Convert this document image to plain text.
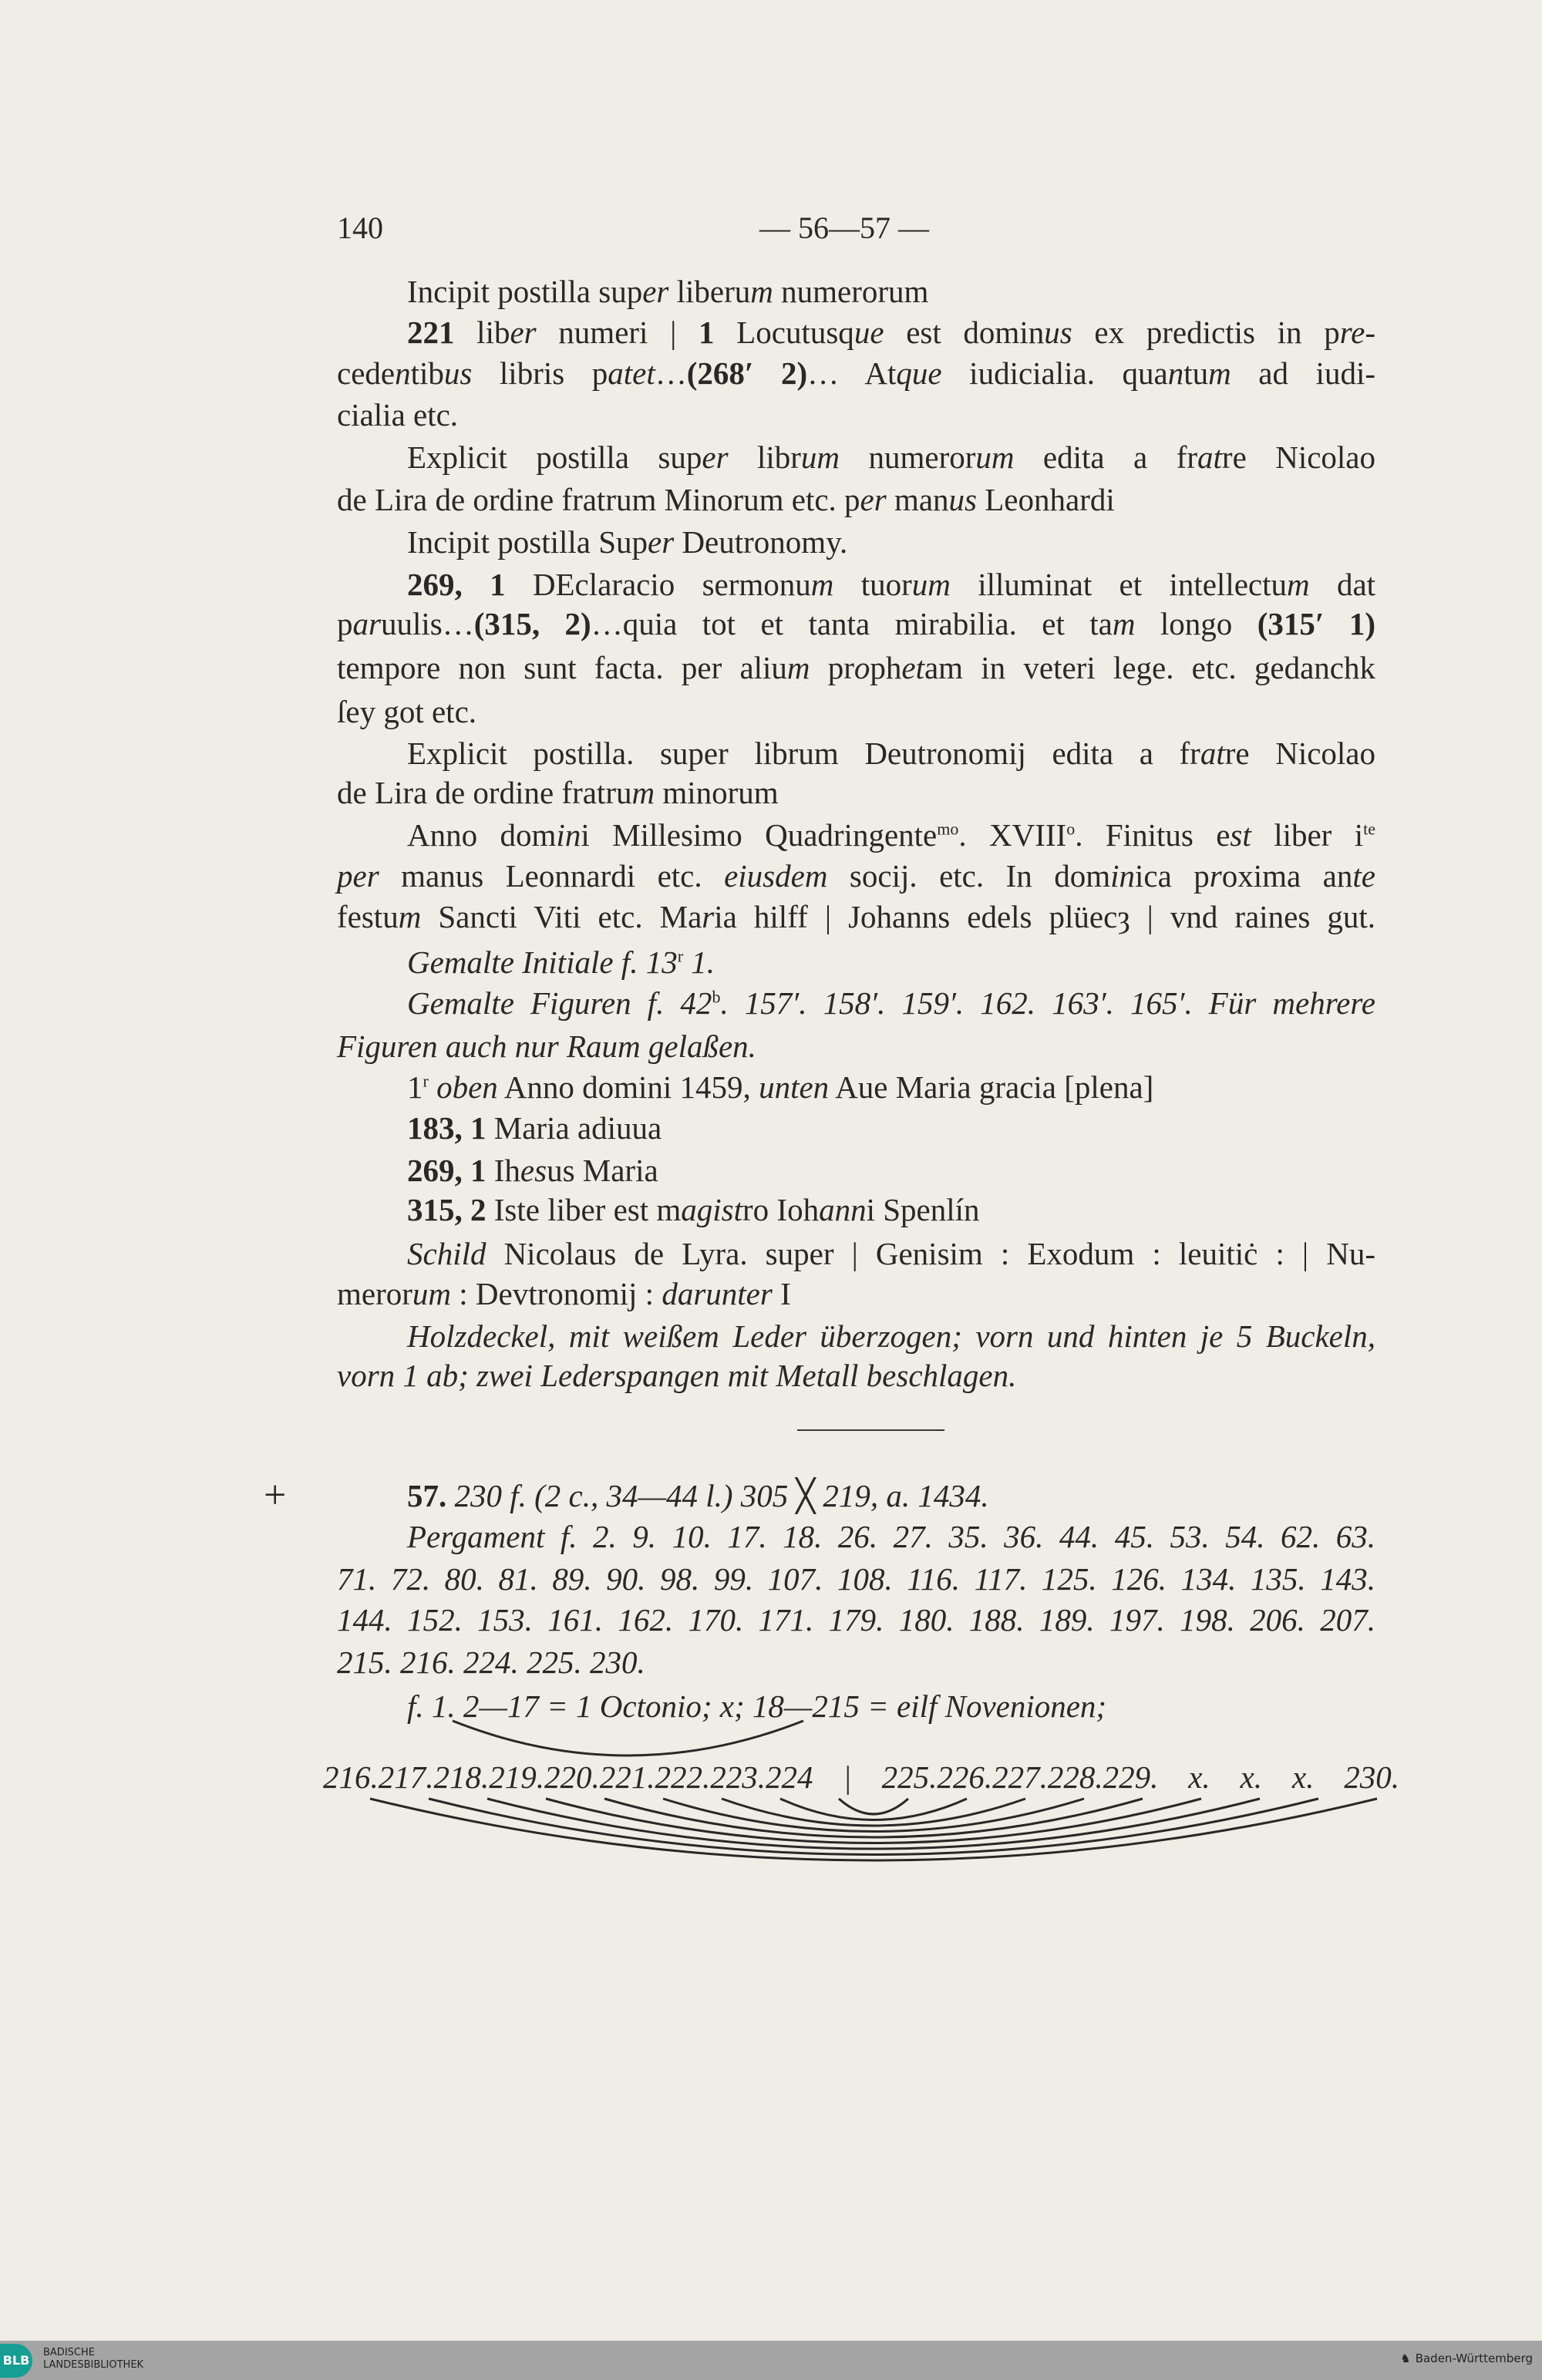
140	— 56—57 —
Incipit postilla super liberum numerorum
221 liber numeri | 1 Locutusque est dominus ex predictis in pre-
cedentibus libris patet…(268′ 2)… Atque iudicialia. quantum ad iudi-
cialia etc.
Explicit postilla super librum numerorum edita a fratre Nicolao
de Lira de ordine fratrum Minorum etc. per manus Leonhardi
Incipit postilla Super Deutronomy.
269, 1 DEclaracio sermonum tuorum illuminat et intellectum dat
paruulis…(315, 2)…quia tot et tanta mirabilia. et tam longo (315′ 1)
tempore non sunt facta. per alium prophetam in veteri lege. etc. gedanchk
ſey got etc.
Explicit postilla. super librum Deutronomij edita a fratre Nicolao
de Lira de ordine fratrum minorum
Anno domini Millesimo Quadringente$^{mo}$. XVIII$^o$. Finitus est liber $i^{te}$
per manus Leonnardi etc. eiusdem socij. etc. In dominica proxima ante
festum Sancti Viti etc. Maria hilff | Johanns edels plüecȝ | vnd raines gut.
Gemalte Initiale f. 13$^r$ 1.
Gemalte Figuren f. 42$^b$. 157′. 158′. 159′. 162. 163′. 165′. Für mehrere
Figuren auch nur Raum gelaßen.
1$^r$ oben Anno domini 1459, unten Aue Maria gracia [plena]
183, 1 Maria adiuua
269, 1 Ihesus Maria
315, 2 Iste liber est magistro Iohanni Spenlín
Schild Nicolaus de Lyra. super | Genisim : Exodum : leuitiċ : | Nu-
merorum : Devtronomij : darunter I
Holzdeckel, mit weißem Leder überzogen; vorn und hinten je 5 Buckeln,
vorn 1 ab; zwei Lederspangen mit Metall beschlagen.
57. 230 f. (2 c., 34—44 l.) 305 ╳ 219, a. 1434.
Pergament f. 2. 9. 10. 17. 18. 26. 27. 35. 36. 44. 45. 53. 54. 62. 63.
71. 72. 80. 81. 89. 90. 98. 99. 107. 108. 116. 117. 125. 126. 134. 135. 143.
144. 152. 153. 161. 162. 170. 171. 179. 180. 188. 189. 197. 198. 206. 207.
215. 216. 224. 225. 230.
f. 1. 2—17 = 1 Octonio; x; 18—215 = eilf Novenionen;
+
216.217.218.219.220.221.222.223.224 | 225.226.227.228.229. x. x. x. 230.
BLB
BADISCHE
LANDESBIBLIOTHEK	♞ Baden-Württemberg
